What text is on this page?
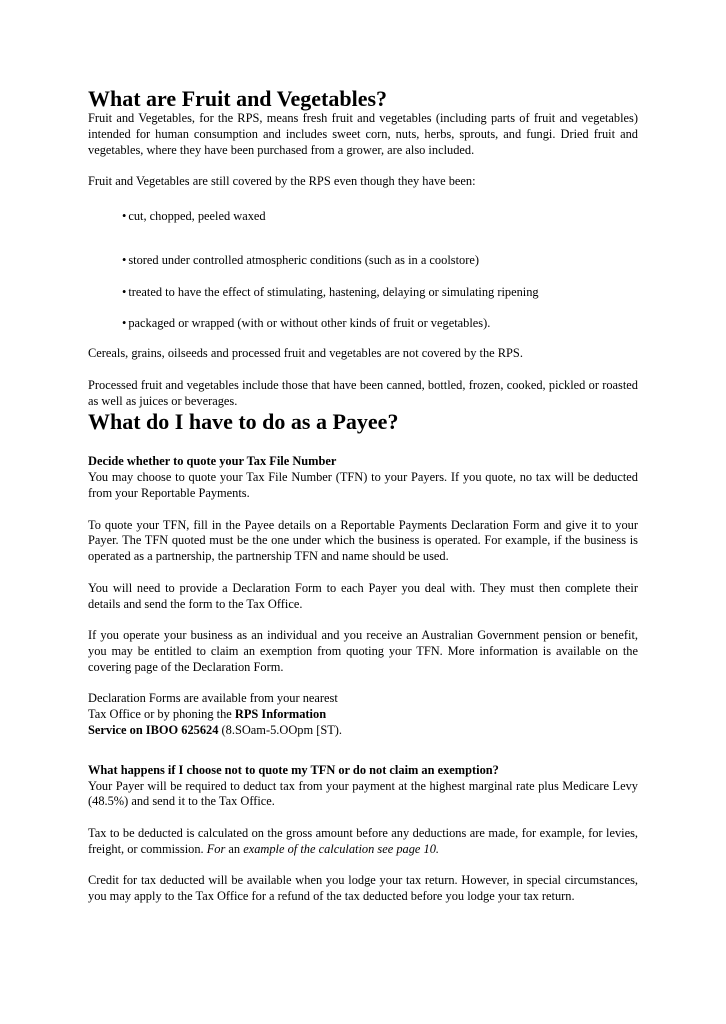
What are Fruit and Vegetables?

Fruit and Vegetables, for the RPS, means fresh fruit and vegetables (including parts of fruit and vegetables) intended for human consumption and includes sweet corn, nuts, herbs, sprouts, and fungi. Dried fruit and vegetables, where they have been purchased from a grower, are also included.

Fruit and Vegetables are still covered by the RPS even though they have been:

• cut, chopped, peeled waxed
• stored under controlled atmospheric conditions (such as in a coolstore)
• treated to have the effect of stimulating, hastening, delaying or simulating ripening
• packaged or wrapped (with or without other kinds of fruit or vegetables).

Cereals, grains, oilseeds and processed fruit and vegetables are not covered by the RPS.

Processed fruit and vegetables include those that have been canned, bottled, frozen, cooked, pickled or roasted as well as juices or beverages.

What do I have to do as a Payee?

Decide whether to quote your Tax File Number

You may choose to quote your Tax File Number (TFN) to your Payers. If you quote, no tax will be deducted from your Reportable Payments.

To quote your TFN, fill in the Payee details on a Reportable Payments Declaration Form and give it to your Payer. The TFN quoted must be the one under which the business is operated. For example, if the business is operated as a partnership, the partnership TFN and name should be used.

You will need to provide a Declaration Form to each Payer you deal with. They must then complete their details and send the form to the Tax Office.

If you operate your business as an individual and you receive an Australian Government pension or benefit, you may be entitled to claim an exemption from quoting your TFN. More information is available on the covering page of the Declaration Form.

Declaration Forms are available from your nearest
Tax Office or by phoning the RPS Information
Service on IBOO 625624 (8.SOam-5.OOpm [ST).

What happens if I choose not to quote my TFN or do not claim an exemption?

Your Payer will be required to deduct tax from your payment at the highest marginal rate plus Medicare Levy (48.5%) and send it to the Tax Office.

Tax to be deducted is calculated on the gross amount before any deductions are made, for example, for levies, freight, or commission. For an example of the calculation see page 10.

Credit for tax deducted will be available when you lodge your tax return. However, in special circumstances, you may apply to the Tax Office for a refund of the tax deducted before you lodge your tax return.
